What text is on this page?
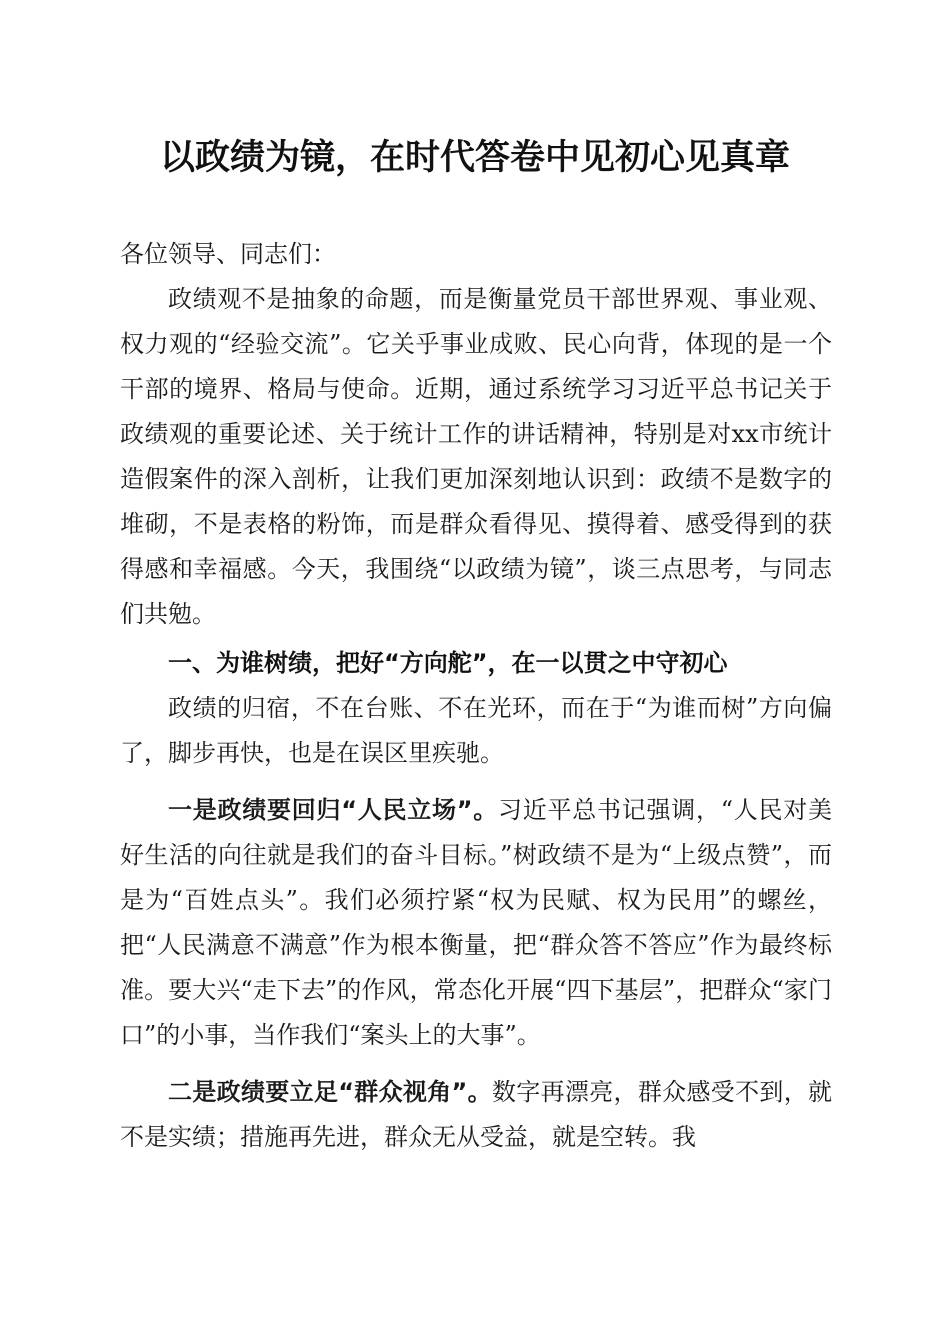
以政绩为镜，在时代答卷中见初心见真章

各位领导、同志们：

政绩观不是抽象的命题，而是衡量党员干部世界观、事业观、权力观的“经验交流”。它关乎事业成败、民心向背，体现的是一个干部的境界、格局与使命。近期，通过系统学习习近平总书记关于政绩观的重要论述、关于统计工作的讲话精神，特别是对xx市统计造假案件的深入剖析，让我们更加深刻地认识到：政绩不是数字的堆砌，不是表格的粉饰，而是群众看得见、摸得着、感受得到的获得感和幸福感。今天，我围绕“以政绩为镜”，谈三点思考，与同志们共勉。

一、为谁树绩，把好“方向舵”，在一以贯之中守初心

政绩的归宿，不在台账、不在光环，而在于“为谁而树”方向偏了，脚步再快，也是在误区里疾驰。

一是政绩要回归“人民立场”。习近平总书记强调，“人民对美好生活的向往就是我们的奋斗目标。”树政绩不是为“上级点赞”，而是为“百姓点头”。我们必须拧紧“权为民赋、权为民用”的螺丝，把“人民满意不满意”作为根本衡量，把“群众答不答应”作为最终标准。要大兴“走下去”的作风，常态化开展“四下基层”，把群众“家门口”的小事，当作我们“案头上的大事”。

二是政绩要立足“群众视角”。数字再漂亮，群众感受不到，就不是实绩；措施再先进，群众无从受益，就是空转。我
